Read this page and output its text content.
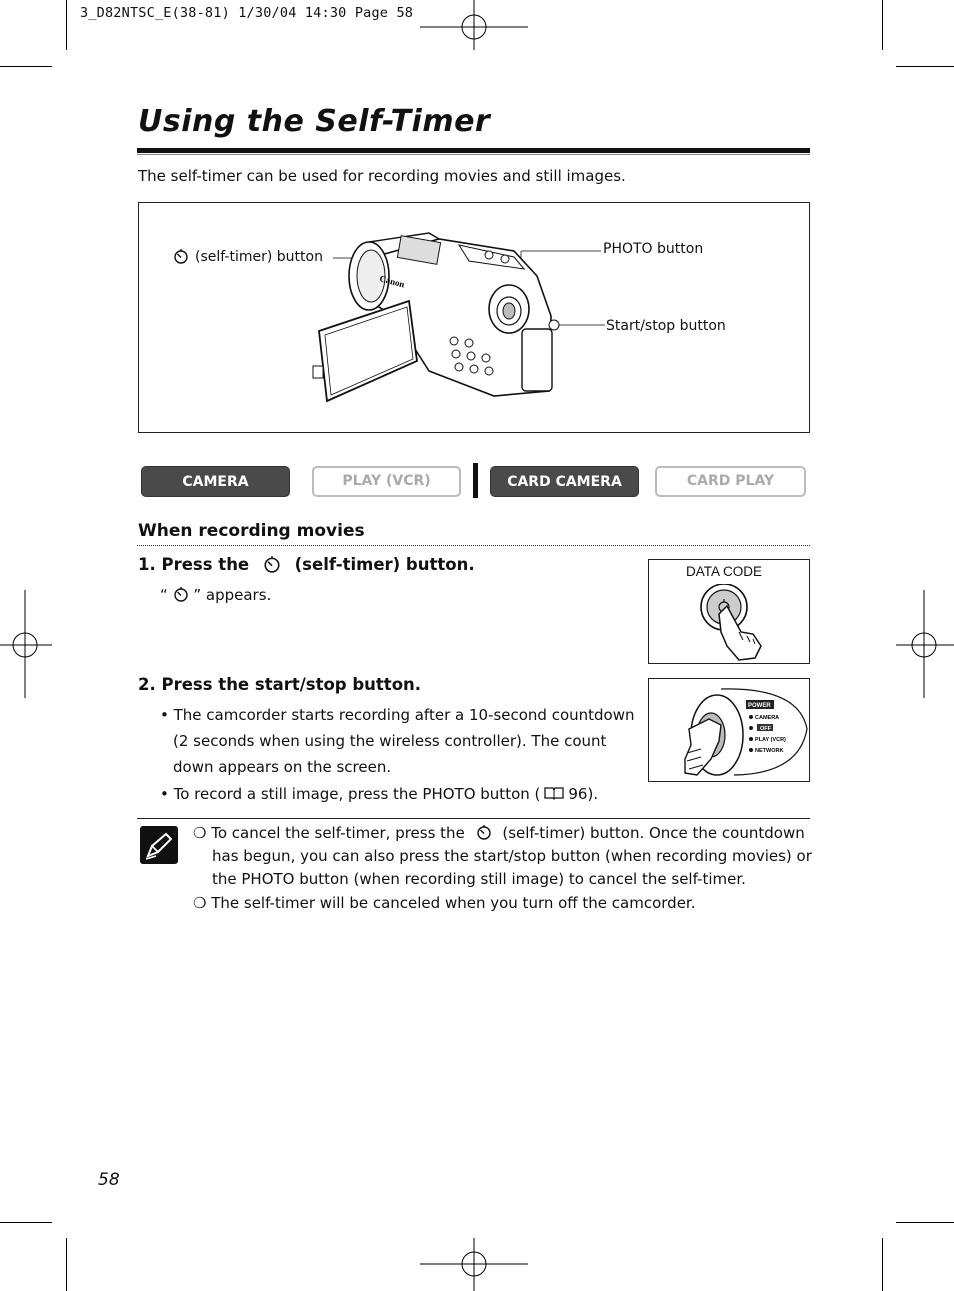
3_D82NTSC_E(38-81) 1/30/04 14:30 Page 58
Using the Self-Timer
The self-timer can be used for recording movies and still images.
(self-timer) button	PHOTO button
Start/stop button
Canon
CAMERA	PLAY (VCR)	CARD CAMERA	CARD PLAY
When recording movies
1. Press the	(self-timer) button.
“ ” appears.
DATA CODE
2. Press the start/stop button.
• The camcorder starts recording after a 10-second countdown
(2 seconds when using the wireless controller). The count
down appears on the screen.
• To record a still image, press the PHOTO button ( 96).
POWER
CAMERA
OFF
PLAY (VCR)
NETWORK
❍ To cancel the self-timer, press the	(self-timer) button. Once the countdown
has begun, you can also press the start/stop button (when recording movies) or
the PHOTO button (when recording still image) to cancel the self-timer.
❍ The self-timer will be canceled when you turn off the camcorder.
58
